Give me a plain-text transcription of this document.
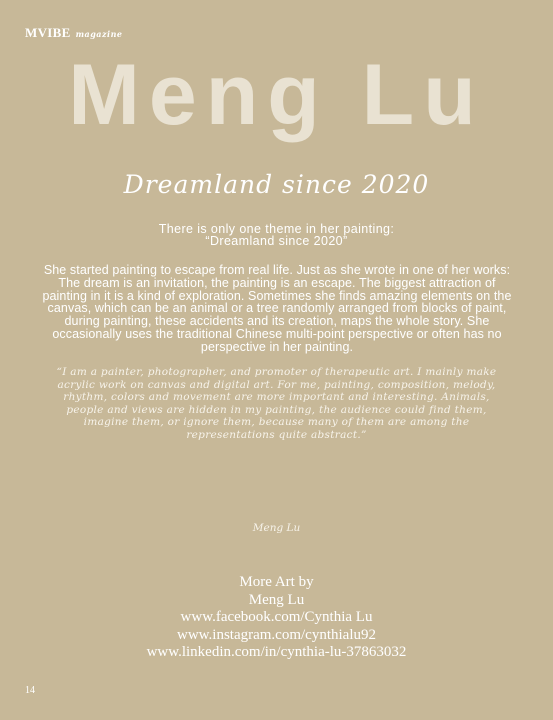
MVIBE magazine
Meng Lu
Dreamland since 2020
There is only one theme in her painting:
“Dreamland since 2020”
She started painting to escape from real life. Just as she wrote in one of her works: The dream is an invitation, the painting is an escape. The biggest attraction of painting in it is a kind of exploration. Sometimes she finds amazing elements on the canvas, which can be an animal or a tree randomly arranged from blocks of paint, during painting, these accidents and its creation, maps the whole story. She occasionally uses the traditional Chinese multi-point perspective or often has no perspective in her painting.
“I am a painter, photographer, and promoter of therapeutic art. I mainly make acrylic work on canvas and digital art. For me, painting, composition, melody, rhythm, colors and movement are more important and interesting. Animals, people and views are hidden in my painting, the audience could find them, imagine them, or ignore them, because many of them are among the representations quite abstract.”
Meng Lu
More Art by
Meng Lu
www.facebook.com/Cynthia Lu
www.instagram.com/cynthialu92
www.linkedin.com/in/cynthia-lu-37863032
14
